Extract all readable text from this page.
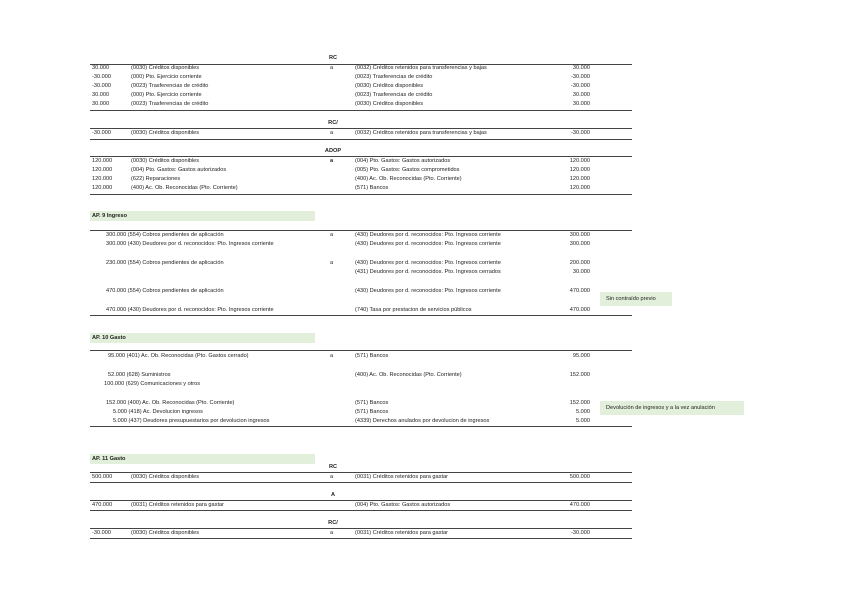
RC
30.000	(0030) Créditos disponibles	a	(0032) Créditos retenidos para transferencias y bajas	30.000
-30.000	(000) Pto. Ejercicio corriente	(0023) Trasferencias de crédito	-30.000
-30.000	(0023) Trasferencias de crédito	(0030) Créditos disponibles	-30.000
30.000	(000) Pto. Ejercicio corriente	(0023) Trasferencias de crédito	30.000
30.000	(0023) Trasferencias de crédito	(0030) Créditos disponibles	30.000
RC/
-30.000	(0030) Créditos disponibles	a	(0032) Créditos retenidos para transferencias y bajas	-30.000
ADOP
120.000	(0030) Créditos disponibles	a	(004) Pto. Gastos: Gastos autorizados	120.000
120.000	(004) Pto. Gastos: Gastos autorizados	(005) Pto. Gastos: Gastos comprometidos	120.000
120.000	(622) Reparaciones	(400) Ac. Ob. Reconocidas (Pto. Corriente)	120.000
120.000	(400) Ac. Ob. Reconocidas (Pto. Corriente)	(571) Bancos	120.000
AP. 9 Ingreso
300.000 (554) Cobros pendientes de aplicación	a	(430) Deudores por d. reconocidos: Pto. Ingresos corriente	300.000
300.000 (430) Deudores por d. reconocidos: Pto. Ingresos corriente	(430) Deudores por d. reconocidos: Pto. Ingresos corriente	300.000
230.000 (554) Cobros pendientes de aplicación	a	(430) Deudores por d. reconocidos: Pto. Ingresos corriente	200.000
(431) Deudores por d. reconocidos. Pto. Ingresos cerrados	30.000
470.000 (554) Cobros pendientes de aplicación	(430) Deudores por d. reconocidos: Pto. Ingresos corriente	470.000
Sin contraído previo
470.000 (430) Deudores por d. reconocidos: Pto. Ingresos corriente	(740) Tasa por prestacion de servicios públicos	470.000
AP. 10 Gasto
95.000 (401) Ac. Ob. Reconocidas (Pto. Gastos cerrado)	a	(571) Bancos	95.000
52.000 (628) Suministros	(400) Ac. Ob. Reconocidas (Pto. Corriente)	152.000
100.000 (629) Comunicaciones y otros
152.000 (400) Ac. Ob. Reconocidas (Pto. Corriente)	(571) Bancos	152.000
Devolución de ingresos y a la vez anulación
5.000 (418) Ac. Devolucion ingresos	(571) Bancos	5.000
5.000 (437) Deudores presupuestarios por devolucion ingresos	(4339) Derechos anulados por devolucion de ingresos	5.000
AP. 11 Gasto
RC
500.000	(0030) Créditos disponibles	a	(0031) Créditos retenidos para gastar	500.000
A
470.000	(0031) Créditos retenidos para gastar	(004) Pto. Gastos: Gastos autorizados	470.000
RC/
-30.000	(0030) Créditos disponibles	a	(0031) Créditos retenidos para gastar	-30.000
